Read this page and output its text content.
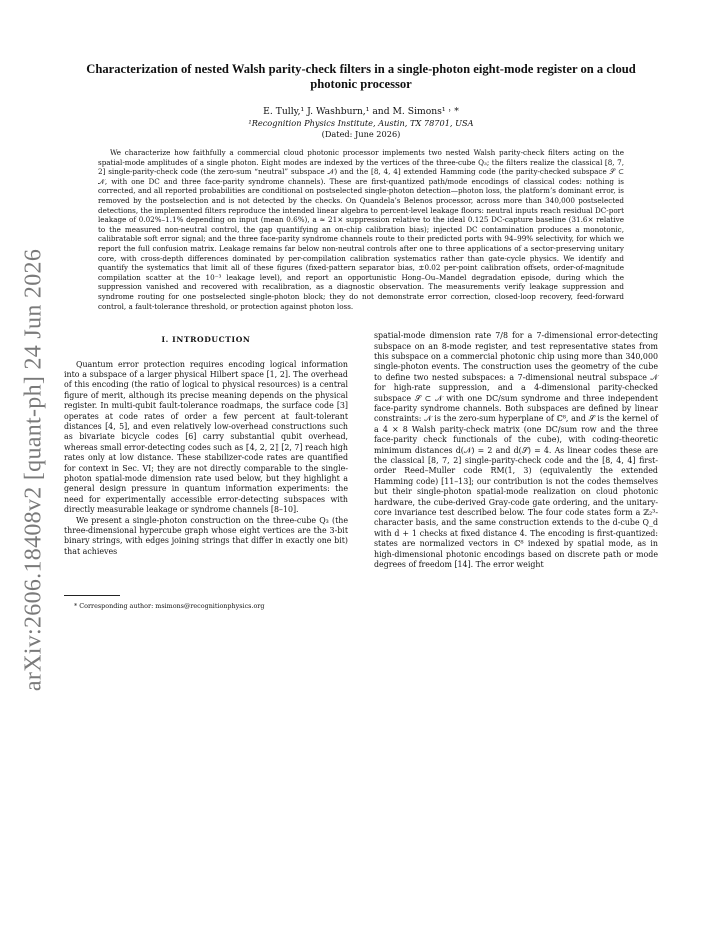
arXiv:2606.18408v2 [quant-ph] 24 Jun 2026
Characterization of nested Walsh parity-check filters in a single-photon eight-mode register on a cloud photonic processor
E. Tully,¹ J. Washburn,¹ and M. Simons¹ ˒ *
¹Recognition Physics Institute, Austin, TX 78701, USA
(Dated: June 2026)
We characterize how faithfully a commercial cloud photonic processor implements two nested Walsh parity-check filters acting on the spatial-mode amplitudes of a single photon. Eight modes are indexed by the vertices of the three-cube Q₃; the filters realize the classical [8, 7, 2] single-parity-check code (the zero-sum “neutral” subspace 𝒩) and the [8, 4, 4] extended Hamming code (the parity-checked subspace 𝒮 ⊂ 𝒩, with one DC and three face-parity syndrome channels). These are first-quantized path/mode encodings of classical codes: nothing is corrected, and all reported probabilities are conditional on postselected single-photon detection—photon loss, the platform’s dominant error, is removed by the postselection and is not detected by the checks. On Quandela’s Belenos processor, across more than 340,000 postselected detections, the implemented filters reproduce the intended linear algebra to percent-level leakage floors: neutral inputs reach residual DC-port leakage of 0.02%–1.1% depending on input (mean 0.6%), a ≈ 21× suppression relative to the ideal 0.125 DC-capture baseline (31.6× relative to the measured non-neutral control, the gap quantifying an on-chip calibration bias); injected DC contamination produces a monotonic, calibratable soft error signal; and the three face-parity syndrome channels route to their predicted ports with 94–99% selectivity, for which we report the full confusion matrix. Leakage remains far below non-neutral controls after one to three applications of a sector-preserving unitary core, with cross-depth differences dominated by per-compilation calibration systematics rather than gate-cycle physics. We identify and quantify the systematics that limit all of these figures (fixed-pattern separator bias, ±0.02 per-point calibration offsets, order-of-magnitude compilation scatter at the 10⁻³ leakage level), and report an opportunistic Hong–Ou–Mandel degradation episode, during which the suppression vanished and recovered with recalibration, as a diagnostic observation. The measurements verify leakage suppression and syndrome routing for one postselected single-photon block; they do not demonstrate error correction, closed-loop recovery, feed-forward control, a fault-tolerance threshold, or protection against photon loss.
I. INTRODUCTION

Quantum error protection requires encoding logical information into a subspace of a larger physical Hilbert space [1, 2]. The overhead of this encoding (the ratio of logical to physical resources) is a central figure of merit, although its precise meaning depends on the physical register. In multi-qubit fault-tolerance roadmaps, the surface code [3] operates at code rates of order a few percent at fault-tolerant distances [4, 5], and even relatively low-overhead constructions such as bivariate bicycle codes [6] carry substantial qubit overhead, whereas small error-detecting codes such as ⟦4, 2, 2⟧ [2, 7] reach high rates only at low distance. These stabilizer-code rates are quantified for context in Sec. VI; they are not directly comparable to the single-photon spatial-mode dimension rate used below, but they highlight a general design pressure in quantum information experiments: the need for experimentally accessible error-detecting subspaces with directly measurable leakage or syndrome channels [8–10].

We present a single-photon construction on the three-cube Q₃ (the three-dimensional hypercube graph whose eight vertices are the 3-bit binary strings, with edges joining strings that differ in exactly one bit) that achieves

* Corresponding author: msimons@recognitionphysics.org

spatial-mode dimension rate 7/8 for a 7-dimensional error-detecting subspace on an 8-mode register, and test representative states from this subspace on a commercial photonic chip using more than 340,000 single-photon events. The construction uses the geometry of the cube to define two nested subspaces: a 7-dimensional neutral subspace 𝒩 for high-rate suppression, and a 4-dimensional parity-checked subspace 𝒮 ⊂ 𝒩 with one DC/sum syndrome and three independent face-parity syndrome channels. Both subspaces are defined by linear constraints: 𝒩 is the zero-sum hyperplane of ℂ⁸, and 𝒮 is the kernel of a 4 × 8 Walsh parity-check matrix (one DC/sum row and the three face-parity check functionals of the cube), with coding-theoretic minimum distances d(𝒩) = 2 and d(𝒮) = 4. As linear codes these are the classical [8, 7, 2] single-parity-check code and the [8, 4, 4] first-order Reed–Muller code RM(1, 3) (equivalently the extended Hamming code) [11–13]; our contribution is not the codes themselves but their single-photon spatial-mode realization on cloud photonic hardware, the cube-derived Gray-code gate ordering, and the unitary-core invariance test described below. The four code states form a ℤ₂³-character basis, and the same construction extends to the d-cube Q_d with d + 1 checks at fixed distance 4. The encoding is first-quantized: states are normalized vectors in ℂ⁸ indexed by spatial mode, as in high-dimensional photonic encodings based on discrete path or mode degrees of freedom [14]. The error weight
